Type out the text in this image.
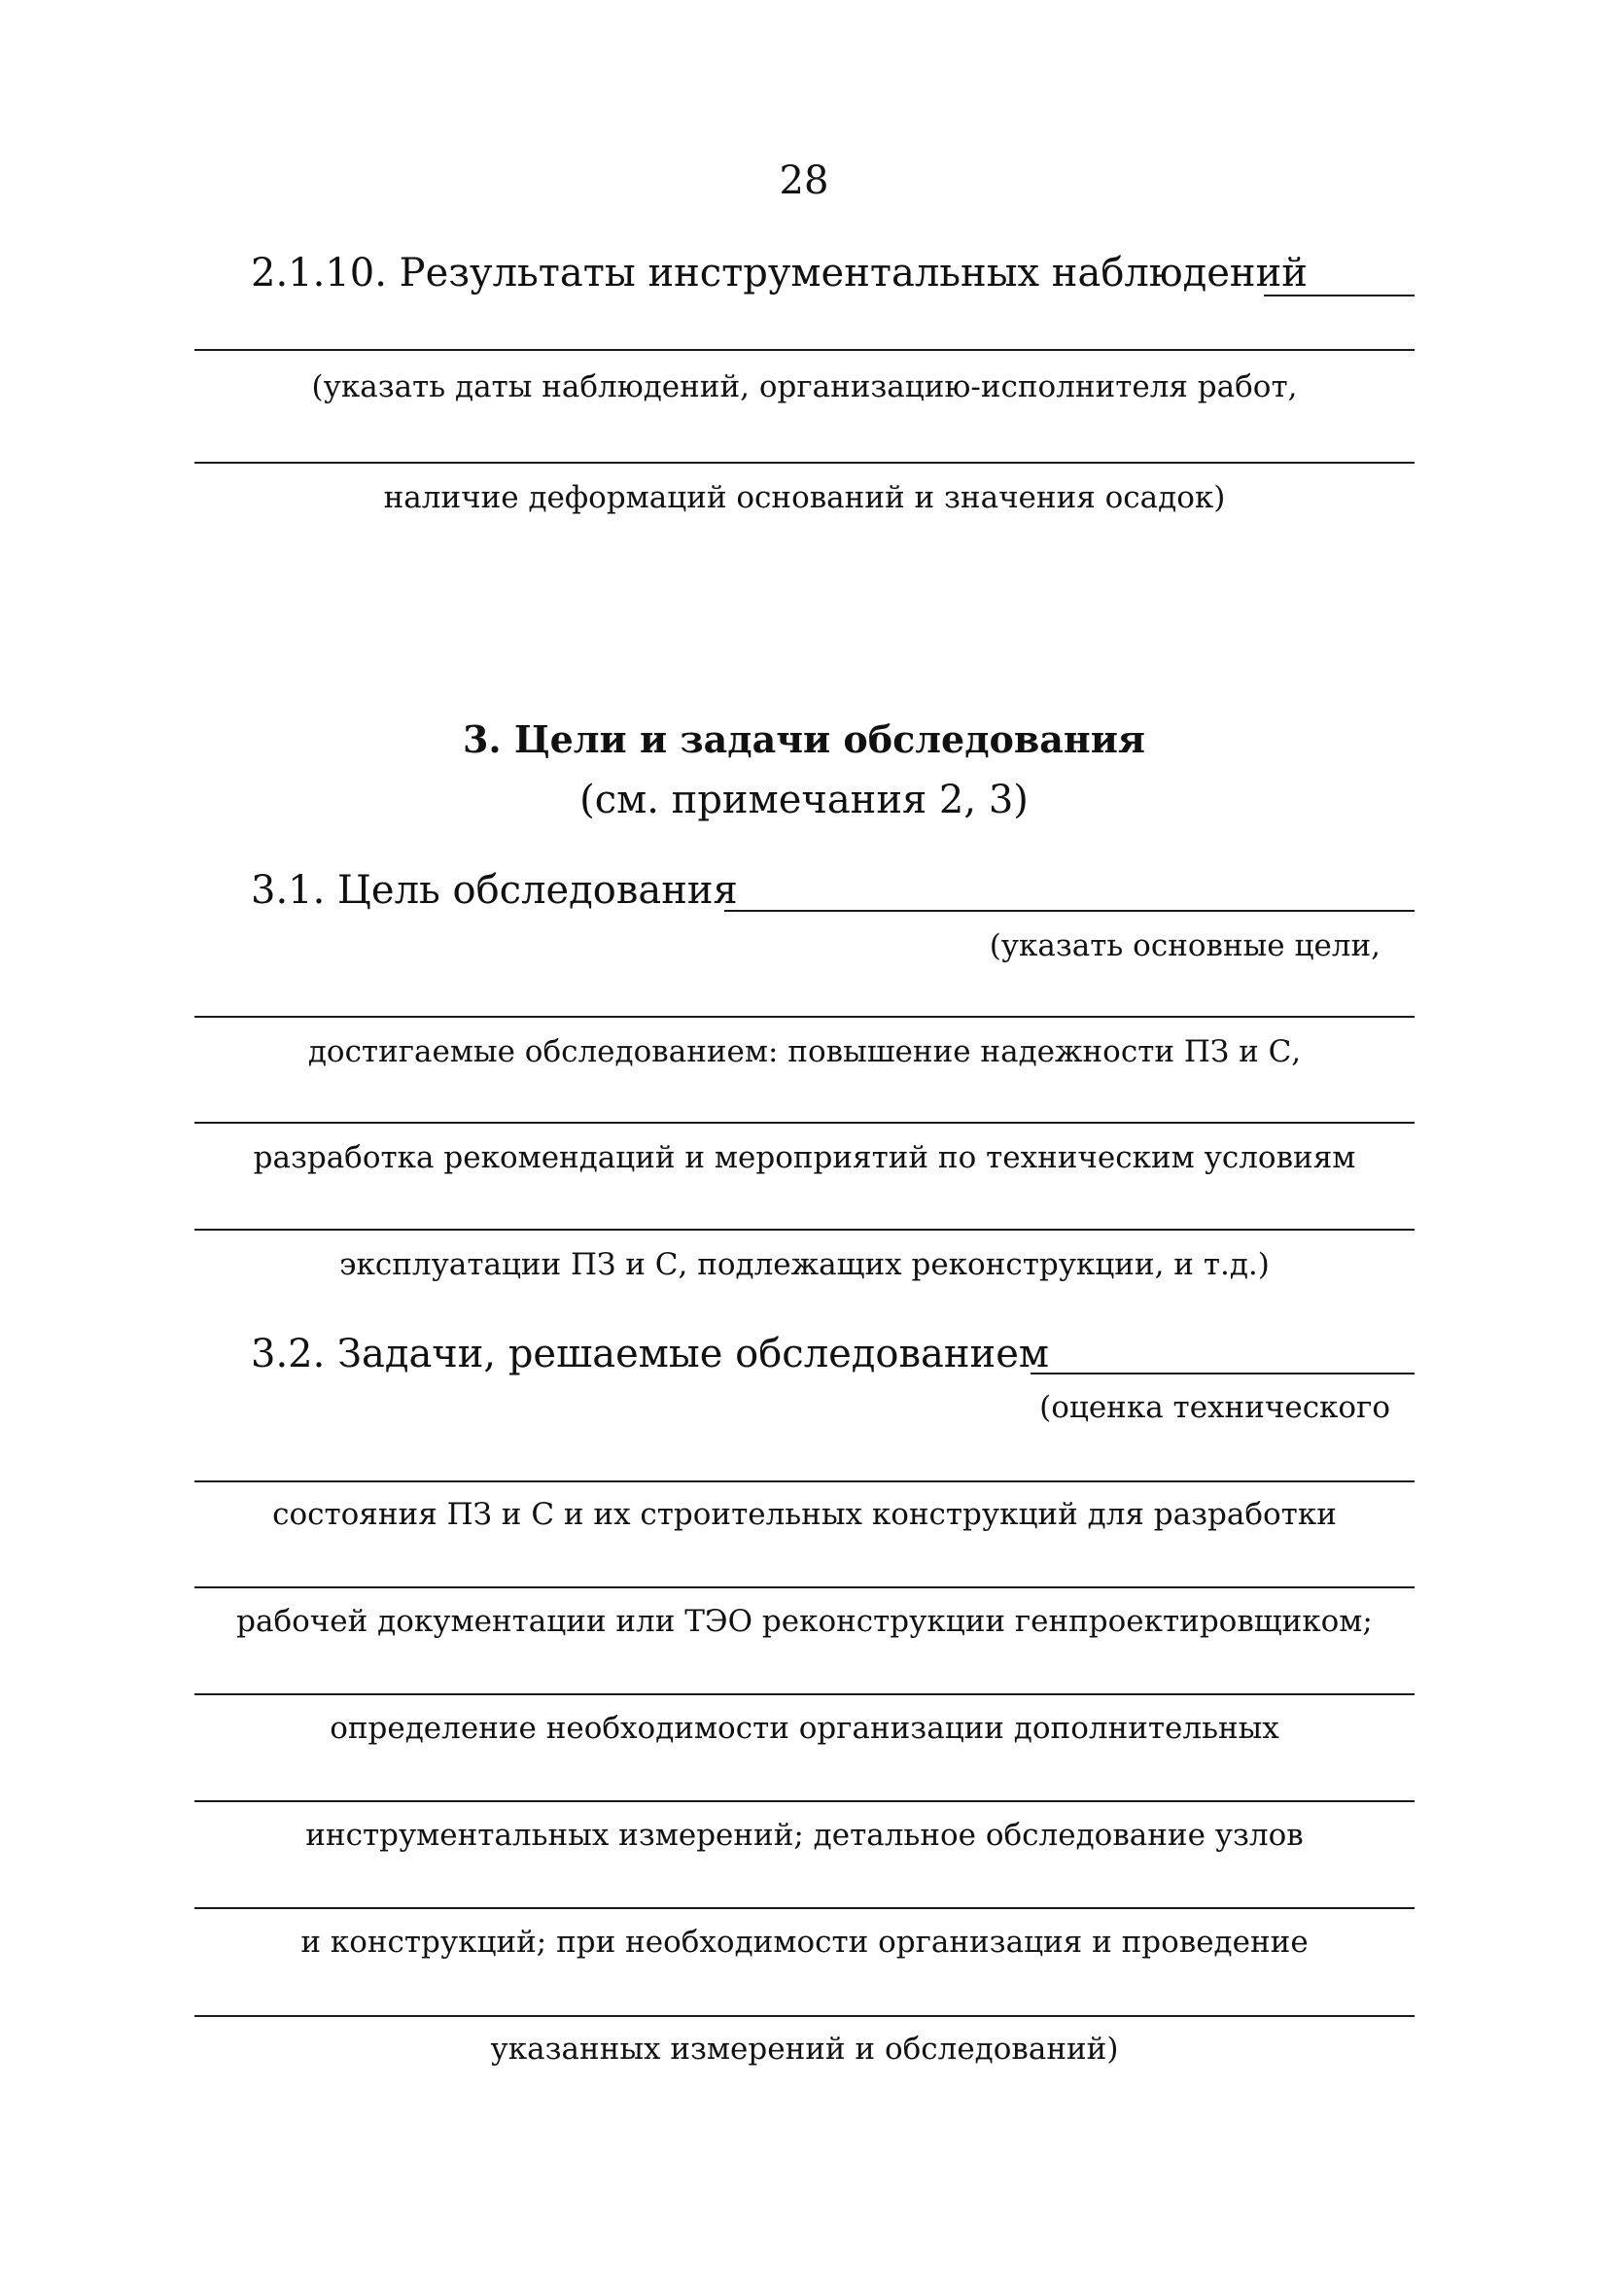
28
2.1.10. Результаты инструментальных наблюдений
(указать даты наблюдений, организацию-исполнителя работ,
наличие деформаций оснований и значения осадок)
3. Цели и задачи обследования
(см. примечания 2, 3)
3.1. Цель обследования
(указать основные цели,
достигаемые обследованием: повышение надежности ПЗ и С,
разработка рекомендаций и мероприятий по техническим условиям
эксплуатации ПЗ и С, подлежащих реконструкции, и т.д.)
3.2. Задачи, решаемые обследованием
(оценка технического
состояния ПЗ и С и их строительных конструкций для разработки
рабочей документации или ТЭО реконструкции генпроектировщиком;
определение необходимости организации дополнительных
инструментальных измерений; детальное обследование узлов
и конструкций; при необходимости организация и проведение
указанных измерений и обследований)
